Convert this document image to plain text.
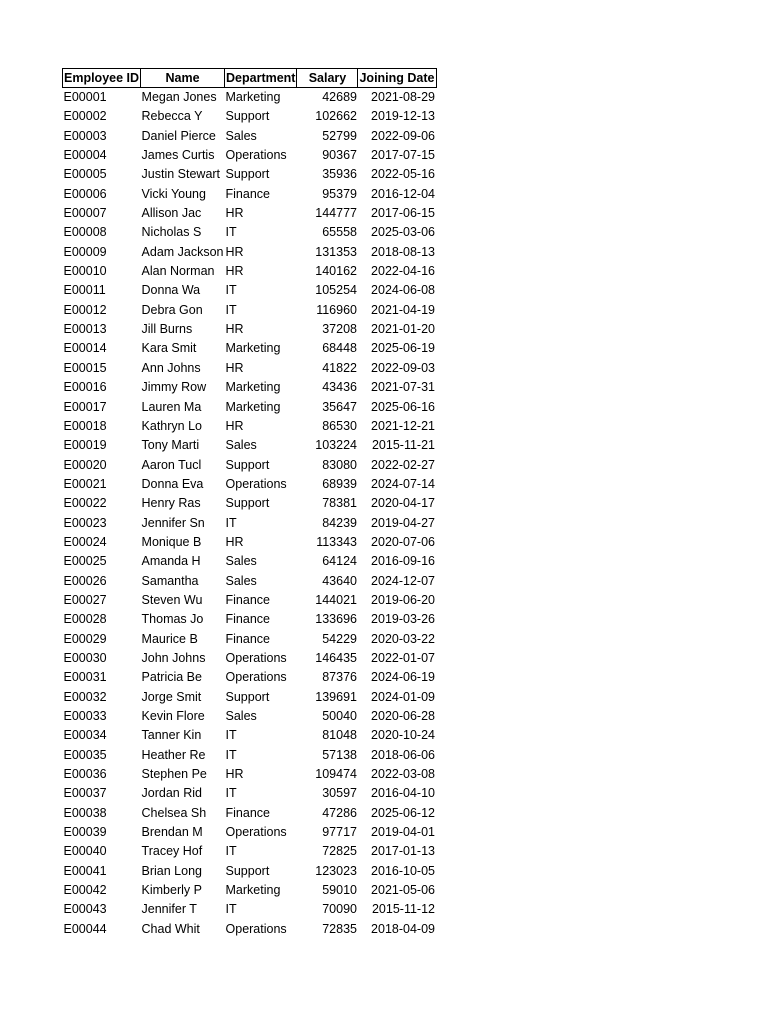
Employee ID	Name	Department	Salary	Joining Date
E00001	Megan Jones	Marketing	42689	2021-08-29
E00002	Rebecca Y	Support	102662	2019-12-13
E00003	Daniel Pierce	Sales	52799	2022-09-06
E00004	James Curtis	Operations	90367	2017-07-15
E00005	Justin Stewart	Support	35936	2022-05-16
E00006	Vicki Young	Finance	95379	2016-12-04
E00007	Allison Jac	HR	144777	2017-06-15
E00008	Nicholas S	IT	65558	2025-03-06
E00009	Adam Jackson	HR	131353	2018-08-13
E00010	Alan Norman	HR	140162	2022-04-16
E00011	Donna Wa	IT	105254	2024-06-08
E00012	Debra Gon	IT	116960	2021-04-19
E00013	Jill Burns	HR	37208	2021-01-20
E00014	Kara Smit	Marketing	68448	2025-06-19
E00015	Ann Johns	HR	41822	2022-09-03
E00016	Jimmy Row	Marketing	43436	2021-07-31
E00017	Lauren Ma	Marketing	35647	2025-06-16
E00018	Kathryn Lo	HR	86530	2021-12-21
E00019	Tony Marti	Sales	103224	2015-11-21
E00020	Aaron Tucl	Support	83080	2022-02-27
E00021	Donna Eva	Operations	68939	2024-07-14
E00022	Henry Ras	Support	78381	2020-04-17
E00023	Jennifer Sn	IT	84239	2019-04-27
E00024	Monique B	HR	113343	2020-07-06
E00025	Amanda H	Sales	64124	2016-09-16
E00026	Samantha	Sales	43640	2024-12-07
E00027	Steven Wu	Finance	144021	2019-06-20
E00028	Thomas Jo	Finance	133696	2019-03-26
E00029	Maurice B	Finance	54229	2020-03-22
E00030	John Johns	Operations	146435	2022-01-07
E00031	Patricia Be	Operations	87376	2024-06-19
E00032	Jorge Smit	Support	139691	2024-01-09
E00033	Kevin Flore	Sales	50040	2020-06-28
E00034	Tanner Kin	IT	81048	2020-10-24
E00035	Heather Re	IT	57138	2018-06-06
E00036	Stephen Pe	HR	109474	2022-03-08
E00037	Jordan Rid	IT	30597	2016-04-10
E00038	Chelsea Sh	Finance	47286	2025-06-12
E00039	Brendan M	Operations	97717	2019-04-01
E00040	Tracey Hof	IT	72825	2017-01-13
E00041	Brian Long	Support	123023	2016-10-05
E00042	Kimberly P	Marketing	59010	2021-05-06
E00043	Jennifer T	IT	70090	2015-11-12
E00044	Chad Whit	Operations	72835	2018-04-09
